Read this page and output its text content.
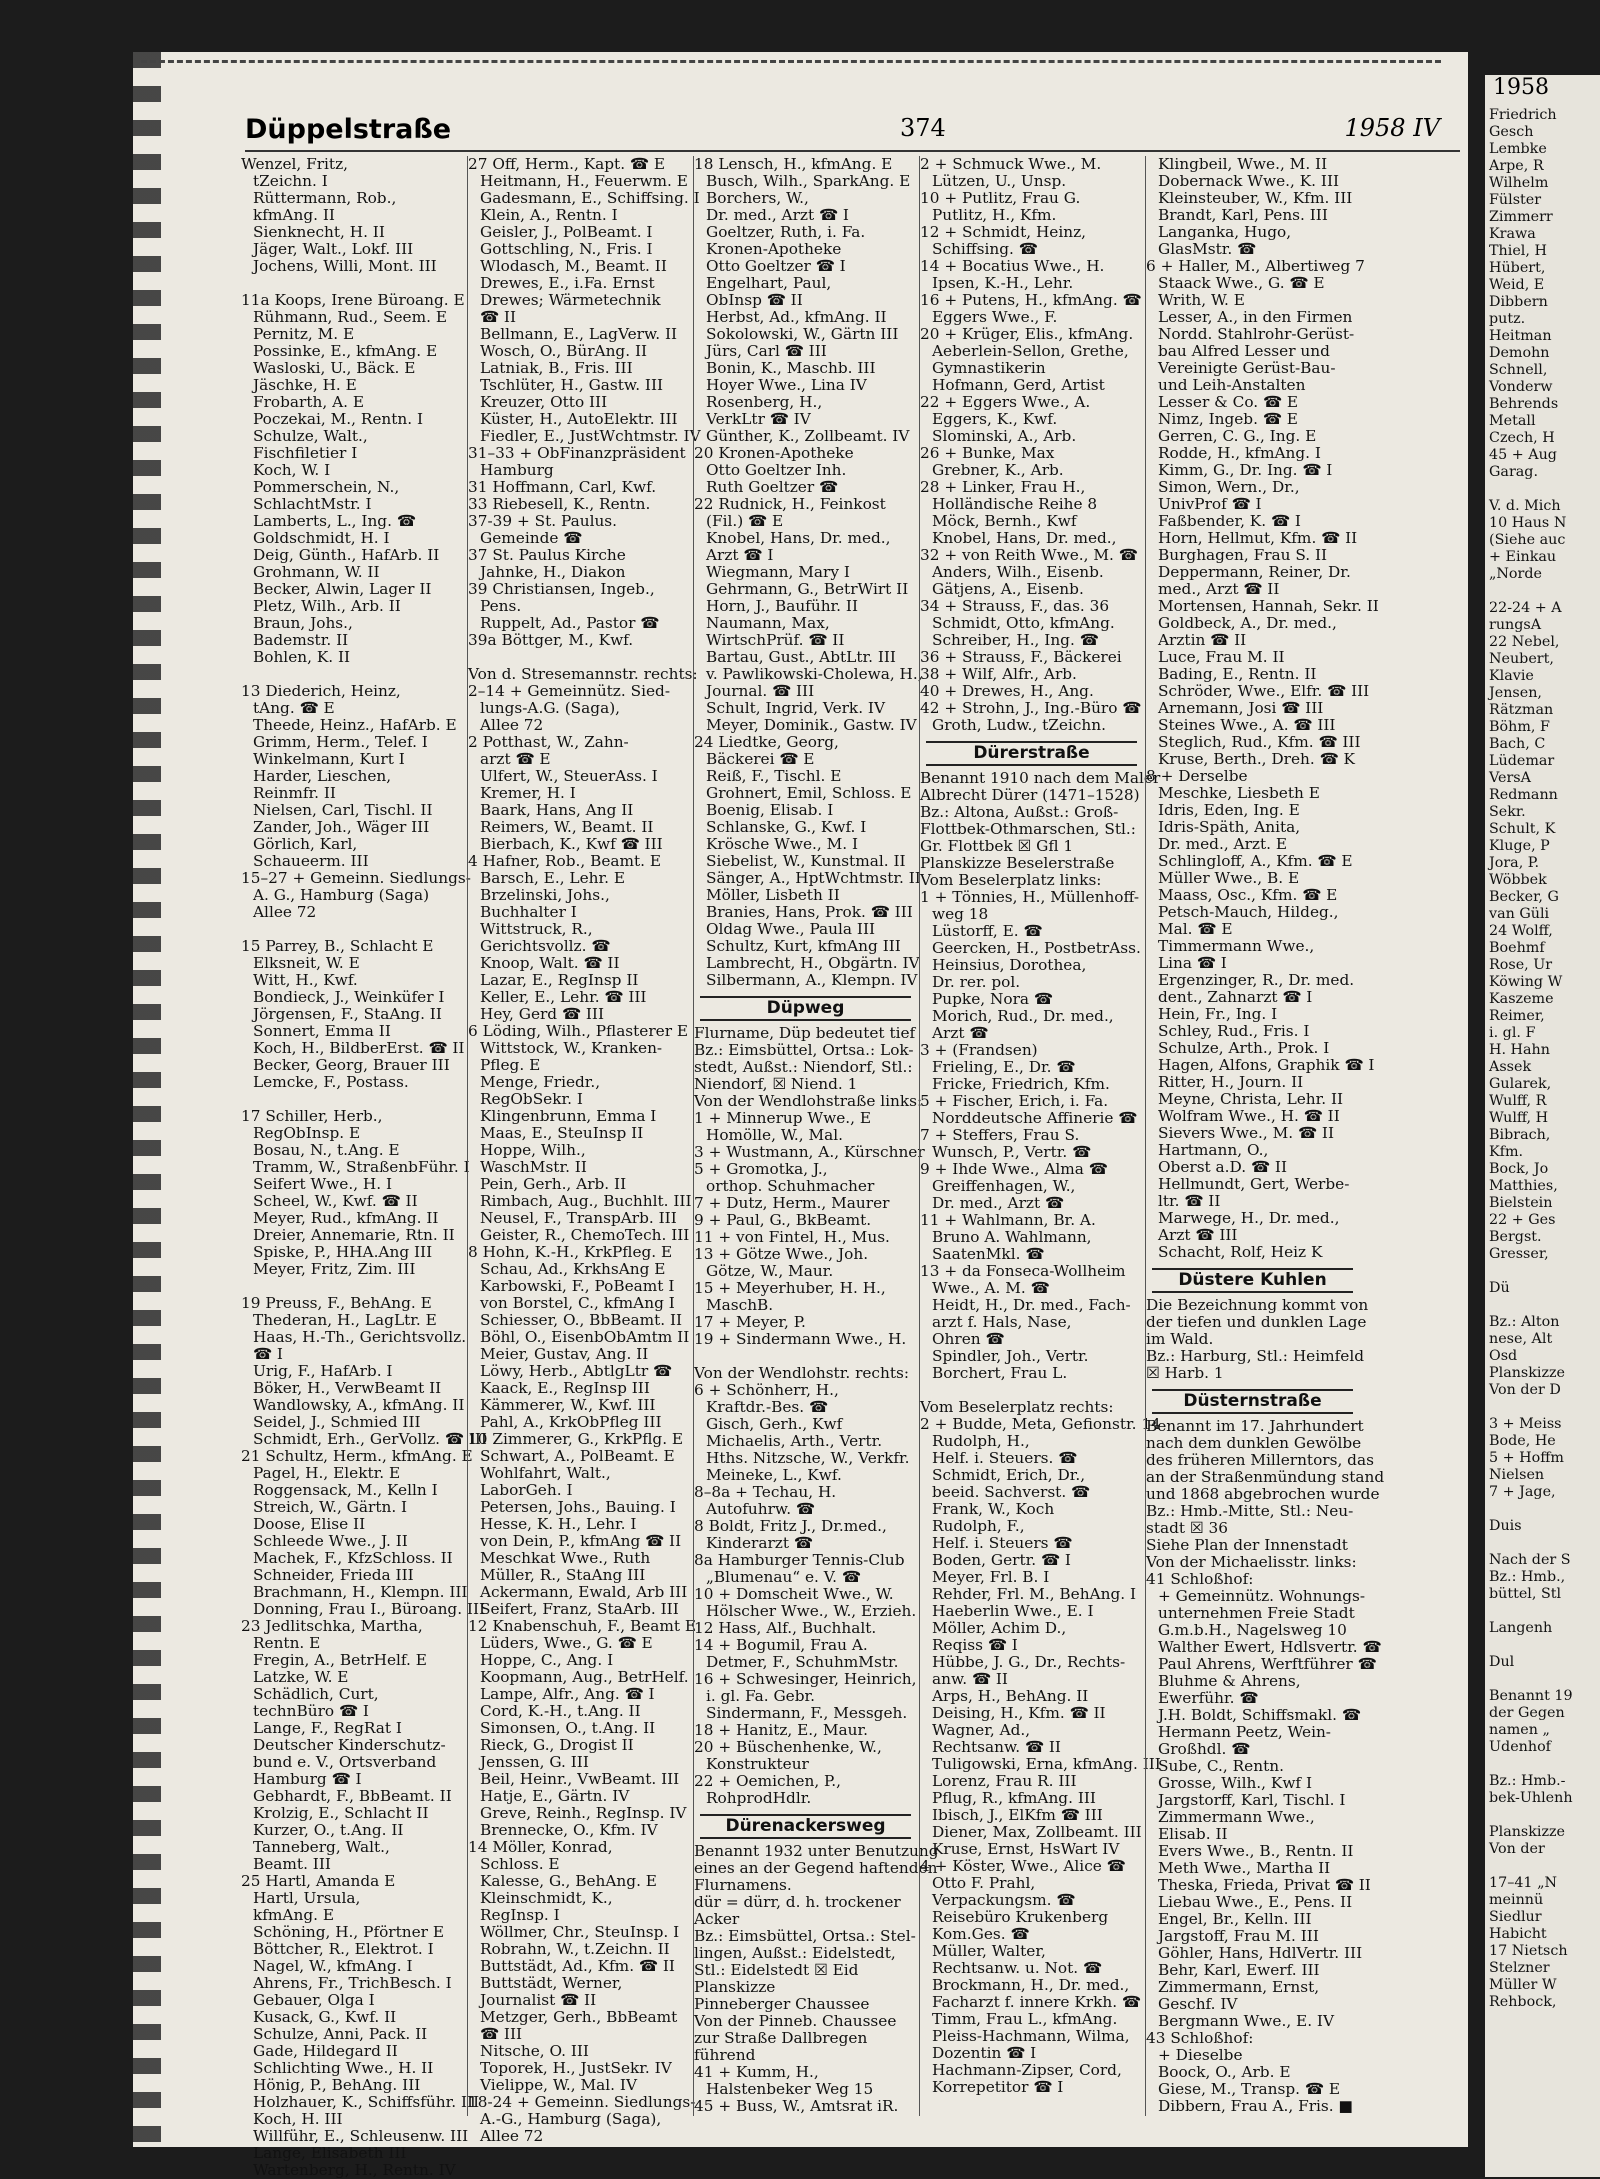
Düppelstraße	374	1958 IV
Wenzel, Fritz,
tZeichn. I
Rüttermann, Rob.,
kfmAng. II
Sienknecht, H. II
Jäger, Walt., Lokf. III
Jochens, Willi, Mont. III

11a Koops, Irene Büroang. E
Rühmann, Rud., Seem. E
Pernitz, M. E
Possinke, E., kfmAng. E
Wasloski, U., Bäck. E
Jäschke, H. E
Frobarth, A. E
Poczekai, M., Rentn. I
Schulze, Walt.,
Fischfiletier I
Koch, W. I
Pommerschein, N.,
SchlachtMstr. I
Lamberts, L., Ing. ☎
Goldschmidt, H. I
Deig, Günth., HafArb. II
Grohmann, W. II
Becker, Alwin, Lager II
Pletz, Wilh., Arb. II
Braun, Johs.,
Bademstr. II
Bohlen, K. II

13 Diederich, Heinz,
tAng. ☎ E
Theede, Heinz., HafArb. E
Grimm, Herm., Telef. I
Winkelmann, Kurt I
Harder, Lieschen,
Reinmfr. II
Nielsen, Carl, Tischl. II
Zander, Joh., Wäger III
Görlich, Karl,
Schaueerm. III
15–27 + Gemeinn. Siedlungs-
A. G., Hamburg (Saga)
Allee 72

15 Parrey, B., Schlacht E
Elksneit, W. E
Witt, H., Kwf.
Bondieck, J., Weinküfer I
Jörgensen, F., StaAng. II
Sonnert, Emma II
Koch, H., BildberErst. ☎ II
Becker, Georg, Brauer III
Lemcke, F., Postass.

17 Schiller, Herb.,
RegObInsp. E
Bosau, N., t.Ang. E
Tramm, W., StraßenbFühr. I
Seifert Wwe., H. I
Scheel, W., Kwf. ☎ II
Meyer, Rud., kfmAng. II
Dreier, Annemarie, Rtn. II
Spiske, P., HHA.Ang III
Meyer, Fritz, Zim. III

19 Preuss, F., BehAng. E
Thederan, H., LagLtr. E
Haas, H.-Th., Gerichtsvollz.
☎ I
Urig, F., HafArb. I
Böker, H., VerwBeamt II
Wandlowsky, A., kfmAng. II
Seidel, J., Schmied III
Schmidt, Erh., GerVollz. ☎ III
21 Schultz, Herm., kfmAng. E
Pagel, H., Elektr. E
Roggensack, M., Kelln I
Streich, W., Gärtn. I
Doose, Elise II
Schleede Wwe., J. II
Machek, F., KfzSchloss. II
Schneider, Frieda III
Brachmann, H., Klempn. III
Donning, Frau I., Büroang. III
23 Jedlitschka, Martha,
Rentn. E
Fregin, A., BetrHelf. E
Latzke, W. E
Schädlich, Curt,
technBüro ☎ I
Lange, F., RegRat I
Deutscher Kinderschutz-
bund e. V., Ortsverband
Hamburg ☎ I
Gebhardt, F., BbBeamt. II
Krolzig, E., Schlacht II
Kurzer, O., t.Ang. II
Tanneberg, Walt.,
Beamt. III
25 Hartl, Amanda E
Hartl, Ursula,
kfmAng. E
Schöning, H., Pförtner E
Böttcher, R., Elektrot. I
Nagel, W., kfmAng. I
Ahrens, Fr., TrichBesch. I
Gebauer, Olga I
Kusack, G., Kwf. II
Schulze, Anni, Pack. II
Gade, Hildegard II
Schlichting Wwe., H. II
Hönig, P., BehAng. III
Holzhauer, K., Schiffsführ. III
Koch, H. III
Willführ, E., Schleusenw. III
Lange, Elisabeth III
Wartenberg, H., Rentn. IV
27 Off, Herm., Kapt. ☎ E
Heitmann, H., Feuerwm. E
Gadesmann, E., Schiffsing. I
Klein, A., Rentn. I
Geisler, J., PolBeamt. I
Gottschling, N., Fris. I
Wlodasch, M., Beamt. II
Drewes, E., i.Fa. Ernst
Drewes; Wärmetechnik
☎ II
Bellmann, E., LagVerw. II
Wosch, O., BürAng. II
Latniak, B., Fris. III
Tschlüter, H., Gastw. III
Kreuzer, Otto III
Küster, H., AutoElektr. III
Fiedler, E., JustWchtmstr. IV
31–33 + ObFinanzpräsident
Hamburg
31 Hoffmann, Carl, Kwf.
33 Riebesell, K., Rentn.
37-39 + St. Paulus.
Gemeinde ☎
37 St. Paulus Kirche
Jahnke, H., Diakon
39 Christiansen, Ingeb.,
Pens.
Ruppelt, Ad., Pastor ☎
39a Böttger, M., Kwf.

Von d. Stresemannstr. rechts:
2–14 + Gemeinnütz. Sied-
lungs-A.G. (Saga),
Allee 72
2 Potthast, W., Zahn-
arzt ☎ E
Ulfert, W., SteuerAss. I
Kremer, H. I
Baark, Hans, Ang II
Reimers, W., Beamt. II
Bierbach, K., Kwf ☎ III
4 Hafner, Rob., Beamt. E
Barsch, E., Lehr. E
Brzelinski, Johs.,
Buchhalter I
Wittstruck, R.,
Gerichtsvollz. ☎
Knoop, Walt. ☎ II
Lazar, E., RegInsp II
Keller, E., Lehr. ☎ III
Hey, Gerd ☎ III
6 Löding, Wilh., Pflasterer E
Wittstock, W., Kranken-
Pfleg. E
Menge, Friedr.,
RegObSekr. I
Klingenbrunn, Emma I
Maas, E., SteuInsp II
Hoppe, Wilh.,
WaschMstr. II
Pein, Gerh., Arb. II
Rimbach, Aug., Buchhlt. III
Neusel, F., TranspArb. III
Geister, R., ChemoTech. III
8 Hohn, K.-H., KrkPfleg. E
Schau, Ad., KrkhsAng E
Karbowski, F., PoBeamt I
von Borstel, C., kfmAng I
Schiesser, O., BbBeamt. II
Böhl, O., EisenbObAmtm II
Meier, Gustav, Ang. II
Löwy, Herb., AbtlgLtr ☎
Kaack, E., RegInsp III
Kämmerer, W., Kwf. III
Pahl, A., KrkObPfleg III
10 Zimmerer, G., KrkPflg. E
Schwart, A., PolBeamt. E
Wohlfahrt, Walt.,
LaborGeh. I
Petersen, Johs., Bauing. I
Hesse, K. H., Lehr. I
von Dein, P., kfmAng ☎ II
Meschkat Wwe., Ruth
Müller, R., StaAng III
Ackermann, Ewald, Arb III
Seifert, Franz, StaArb. III
12 Knabenschuh, F., Beamt E
Lüders, Wwe., G. ☎ E
Hoppe, C., Ang. I
Koopmann, Aug., BetrHelf.
Lampe, Alfr., Ang. ☎ I
Cord, K.-H., t.Ang. II
Simonsen, O., t.Ang. II
Rieck, G., Drogist II
Jenssen, G. III
Beil, Heinr., VwBeamt. III
Hatje, E., Gärtn. IV
Greve, Reinh., RegInsp. IV
Brennecke, O., Kfm. IV
14 Möller, Konrad,
Schloss. E
Kalesse, G., BehAng. E
Kleinschmidt, K.,
RegInsp. I
Wöllmer, Chr., SteuInsp. I
Robrahn, W., t.Zeichn. II
Buttstädt, Ad., Kfm. ☎ II
Buttstädt, Werner,
Journalist ☎ II
Metzger, Gerh., BbBeamt
☎ III
Nitsche, O. III
Toporek, H., JustSekr. IV
Vielippe, W., Mal. IV
18-24 + Gemeinn. Siedlungs-
A.-G., Hamburg (Saga),
Allee 72
18 Lensch, H., kfmAng. E
Busch, Wilh., SparkAng. E
Borchers, W.,
Dr. med., Arzt ☎ I
Goeltzer, Ruth, i. Fa.
Kronen-Apotheke
Otto Goeltzer ☎ I
Engelhart, Paul,
ObInsp ☎ II
Herbst, Ad., kfmAng. II
Sokolowski, W., Gärtn III
Jürs, Carl ☎ III
Bonin, K., Maschb. III
Hoyer Wwe., Lina IV
Rosenberg, H.,
VerkLtr ☎ IV
Günther, K., Zollbeamt. IV
20 Kronen-Apotheke
Otto Goeltzer Inh.
Ruth Goeltzer ☎
22 Rudnick, H., Feinkost
(Fil.) ☎ E
Knobel, Hans, Dr. med.,
Arzt ☎ I
Wiegmann, Mary I
Gehrmann, G., BetrWirt II
Horn, J., Bauführ. II
Naumann, Max,
WirtschPrüf. ☎ II
Bartau, Gust., AbtLtr. III
v. Pawlikowski-Cholewa, H.,
Journal. ☎ III
Schult, Ingrid, Verk. IV
Meyer, Dominik., Gastw. IV
24 Liedtke, Georg,
Bäckerei ☎ E
Reiß, F., Tischl. E
Grohnert, Emil, Schloss. E
Boenig, Elisab. I
Schlanske, G., Kwf. I
Krösche Wwe., M. I
Siebelist, W., Kunstmal. II
Sänger, A., HptWchtmstr. II
Möller, Lisbeth II
Branies, Hans, Prok. ☎ III
Oldag Wwe., Paula III
Schultz, Kurt, kfmAng III
Lambrecht, H., Obgärtn. IV
Silbermann, A., Klempn. IV
Düpweg
Flurname, Düp bedeutet tief
Bz.: Eimsbüttel, Ortsa.: Lok-
stedt, Außst.: Niendorf, Stl.:
Niendorf, ☒ Niend. 1
Von der Wendlohstraße links:
1 + Minnerup Wwe., E
Homölle, W., Mal.
3 + Wustmann, A., Kürschner
5 + Gromotka, J.,
orthop. Schuhmacher
7 + Dutz, Herm., Maurer
9 + Paul, G., BkBeamt.
11 + von Fintel, H., Mus.
13 + Götze Wwe., Joh.
Götze, W., Maur.
15 + Meyerhuber, H. H.,
MaschB.
17 + Meyer, P.
19 + Sindermann Wwe., H.

Von der Wendlohstr. rechts:
6 + Schönherr, H.,
Kraftdr.-Bes. ☎
Gisch, Gerh., Kwf
Michaelis, Arth., Vertr.
Hths. Nitzsche, W., Verkfr.
Meineke, L., Kwf.
8–8a + Techau, H.
Autofuhrw. ☎
8 Boldt, Fritz J., Dr.med.,
Kinderarzt ☎
8a Hamburger Tennis-Club
„Blumenau“ e. V. ☎
10 + Domscheit Wwe., W.
Hölscher Wwe., W., Erzieh.
12 Hass, Alf., Buchhalt.
14 + Bogumil, Frau A.
Detmer, F., SchuhmMstr.
16 + Schwesinger, Heinrich,
i. gl. Fa. Gebr.
Sindermann, F., Messgeh.
18 + Hanitz, E., Maur.
20 + Büschenhenke, W.,
Konstrukteur
22 + Oemichen, P.,
RohprodHdlr.
Dürenackersweg
Benannt 1932 unter Benutzung
eines an der Gegend haftenden
Flurnamens.
dür = dürr, d. h. trockener
Acker
Bz.: Eimsbüttel, Ortsa.: Stel-
lingen, Außst.: Eidelstedt,
Stl.: Eidelstedt ☒ Eid
Planskizze
Pinneberger Chaussee
Von der Pinneb. Chaussee
zur Straße Dallbregen
führend
41 + Kumm, H.,
Halstenbeker Weg 15
45 + Buss, W., Amtsrat iR.
2 + Schmuck Wwe., M.
Lützen, U., Unsp.
10 + Putlitz, Frau G.
Putlitz, H., Kfm.
12 + Schmidt, Heinz,
Schiffsing. ☎
14 + Bocatius Wwe., H.
Ipsen, K.-H., Lehr.
16 + Putens, H., kfmAng. ☎
Eggers Wwe., F.
20 + Krüger, Elis., kfmAng.
Aeberlein-Sellon, Grethe,
Gymnastikerin
Hofmann, Gerd, Artist
22 + Eggers Wwe., A.
Eggers, K., Kwf.
Slominski, A., Arb.
26 + Bunke, Max
Grebner, K., Arb.
28 + Linker, Frau H.,
Holländische Reihe 8
Möck, Bernh., Kwf
Knobel, Hans, Dr. med.,
32 + von Reith Wwe., M. ☎
Anders, Wilh., Eisenb.
Gätjens, A., Eisenb.
34 + Strauss, F., das. 36
Schmidt, Otto, kfmAng.
Schreiber, H., Ing. ☎
36 + Strauss, F., Bäckerei
38 + Wilf, Alfr., Arb.
40 + Drewes, H., Ang.
42 + Strohn, J., Ing.-Büro ☎
Groth, Ludw., tZeichn.
Dürerstraße
Benannt 1910 nach dem Maler
Albrecht Dürer (1471–1528)
Bz.: Altona, Außst.: Groß-
Flottbek-Othmarschen, Stl.:
Gr. Flottbek ☒ Gfl 1
Planskizze Beselerstraße
Vom Beselerplatz links:
1 + Tönnies, H., Müllenhoff-
weg 18
Lüstorff, E. ☎
Geercken, H., PostbetrAss.
Heinsius, Dorothea,
Dr. rer. pol.
Pupke, Nora ☎
Morich, Rud., Dr. med.,
Arzt ☎
3 + (Frandsen)
Frieling, E., Dr. ☎
Fricke, Friedrich, Kfm.
5 + Fischer, Erich, i. Fa.
Norddeutsche Affinerie ☎
7 + Steffers, Frau S.
Wunsch, P., Vertr. ☎
9 + Ihde Wwe., Alma ☎
Greiffenhagen, W.,
Dr. med., Arzt ☎
11 + Wahlmann, Br. A.
Bruno A. Wahlmann,
SaatenMkl. ☎
13 + da Fonseca-Wollheim
Wwe., A. M. ☎
Heidt, H., Dr. med., Fach-
arzt f. Hals, Nase,
Ohren ☎
Spindler, Joh., Vertr.
Borchert, Frau L.

Vom Beselerplatz rechts:
2 + Budde, Meta, Gefionstr. 14
Rudolph, H.,
Helf. i. Steuers. ☎
Schmidt, Erich, Dr.,
beeid. Sachverst. ☎
Frank, W., Koch
Rudolph, F.,
Helf. i. Steuers ☎
Boden, Gertr. ☎ I
Meyer, Frl. B. I
Rehder, Frl. M., BehAng. I
Haeberlin Wwe., E. I
Möller, Achim D.,
Reqiss ☎ I
Hübbe, J. G., Dr., Rechts-
anw. ☎ II
Arps, H., BehAng. II
Deising, H., Kfm. ☎ II
Wagner, Ad.,
Rechtsanw. ☎ II
Tuligowski, Erna, kfmAng. III
Lorenz, Frau R. III
Pflug, R., kfmAng. III
Ibisch, J., ElKfm ☎ III
Diener, Max, Zollbeamt. III
Kruse, Ernst, HsWart IV
4 + Köster, Wwe., Alice ☎
Otto F. Prahl,
Verpackungsm. ☎
Reisebüro Krukenberg
Kom.Ges. ☎
Müller, Walter,
Rechtsanw. u. Not. ☎
Brockmann, H., Dr. med.,
Facharzt f. innere Krkh. ☎
Timm, Frau L., kfmAng.
Pleiss-Hachmann, Wilma,
Dozentin ☎ I
Hachmann-Zipser, Cord,
Korrepetitor ☎ I
Klingbeil, Wwe., M. II
Dobernack Wwe., K. III
Kleinsteuber, W., Kfm. III
Brandt, Karl, Pens. III
Langanka, Hugo,
GlasMstr. ☎
6 + Haller, M., Albertiweg 7
Staack Wwe., G. ☎ E
Writh, W. E
Lesser, A., in den Firmen
Nordd. Stahlrohr-Gerüst-
bau Alfred Lesser und
Vereinigte Gerüst-Bau-
und Leih-Anstalten
Lesser & Co. ☎ E
Nimz, Ingeb. ☎ E
Gerren, C. G., Ing. E
Rodde, H., kfmAng. I
Kimm, G., Dr. Ing. ☎ I
Simon, Wern., Dr.,
UnivProf ☎ I
Faßbender, K. ☎ I
Horn, Hellmut, Kfm. ☎ II
Burghagen, Frau S. II
Deppermann, Reiner, Dr.
med., Arzt ☎ II
Mortensen, Hannah, Sekr. II
Goldbeck, A., Dr. med.,
Arztin ☎ II
Luce, Frau M. II
Bading, E., Rentn. II
Schröder, Wwe., Elfr. ☎ III
Arnemann, Josi ☎ III
Steines Wwe., A. ☎ III
Steglich, Rud., Kfm. ☎ III
Kruse, Berth., Dreh. ☎ K
8 + Derselbe
Meschke, Liesbeth E
Idris, Eden, Ing. E
Idris-Späth, Anita,
Dr. med., Arzt. E
Schlingloff, A., Kfm. ☎ E
Müller Wwe., B. E
Maass, Osc., Kfm. ☎ E
Petsch-Mauch, Hildeg.,
Mal. ☎ E
Timmermann Wwe.,
Lina ☎ I
Ergenzinger, R., Dr. med.
dent., Zahnarzt ☎ I
Hein, Fr., Ing. I
Schley, Rud., Fris. I
Schulze, Arth., Prok. I
Hagen, Alfons, Graphik ☎ I
Ritter, H., Journ. II
Meyne, Christa, Lehr. II
Wolfram Wwe., H. ☎ II
Sievers Wwe., M. ☎ II
Hartmann, O.,
Oberst a.D. ☎ II
Hellmundt, Gert, Werbe-
ltr. ☎ II
Marwege, H., Dr. med.,
Arzt ☎ III
Schacht, Rolf, Heiz K
Düstere Kuhlen
Die Bezeichnung kommt von
der tiefen und dunklen Lage
im Wald.
Bz.: Harburg, Stl.: Heimfeld
☒ Harb. 1
Düsternstraße
Benannt im 17. Jahrhundert
nach dem dunklen Gewölbe
des früheren Millerntors, das
an der Straßenmündung stand
und 1868 abgebrochen wurde
Bz.: Hmb.-Mitte, Stl.: Neu-
stadt ☒ 36
Siehe Plan der Innenstadt
Von der Michaelisstr. links:
41 Schloßhof:
+ Gemeinnütz. Wohnungs-
unternehmen Freie Stadt
G.m.b.H., Nagelsweg 10
Walther Ewert, Hdlsvertr. ☎
Paul Ahrens, Werftführer ☎
Bluhme & Ahrens,
Ewerführ. ☎
J.H. Boldt, Schiffsmakl. ☎
Hermann Peetz, Wein-
Großhdl. ☎
Sube, C., Rentn.
Grosse, Wilh., Kwf I
Jargstorff, Karl, Tischl. I
Zimmermann Wwe.,
Elisab. II
Evers Wwe., B., Rentn. II
Meth Wwe., Martha II
Theska, Frieda, Privat ☎ II
Liebau Wwe., E., Pens. II
Engel, Br., Kelln. III
Jargstoff, Frau M. III
Göhler, Hans, HdlVertr. III
Behr, Karl, Ewerf. III
Zimmermann, Ernst,
Geschf. IV
Bergmann Wwe., E. IV
43 Schloßhof:
+ Dieselbe
Boock, O., Arb. E
Giese, M., Transp. ☎ E
Dibbern, Frau A., Fris. ■
1958
Friedrich
Gesch
Lembke
Arpe, R
Wilhelm
Fülster
Zimmerr
Krawa
Thiel, H
Hübert,
Weid, E
Dibbern
putz.
Heitman
Demohn
Schnell,
Vonderw
Behrends
Metall
Czech, H
45 + Aug
Garag.

V. d. Mich
10 Haus N
(Siehe auc
+ Einkau
„Norde

22-24 + A
rungsA
22 Nebel,
Neubert,
Klavie
Jensen,
Rätzman
Böhm, F
Bach, C
Lüdemar
VersA
Redmann
Sekr.
Schult, K
Kluge, P
Jora, P.
Wöbbek
Becker, G
van Güli
24 Wolff,
Boehmf
Rose, Ur
Köwing W
Kaszeme
Reimer,
i. gl. F
H. Hahn
Assek
Gularek,
Wulff, R
Wulff, H
Bibrach,
Kfm.
Bock, Jo
Matthies,
Bielstein
22 + Ges
Bergst.
Gresser,

Dü

Bz.: Alton
nese, Alt
Osd
Planskizze
Von der D

3 + Meiss
Bode, He
5 + Hoffm
Nielsen
7 + Jage,

Duis

Nach der S
Bz.: Hmb.,
büttel, Stl

Langenh

Dul

Benannt 19
der Gegen
namen „
Udenhof

Bz.: Hmb.-
bek-Uhlenh

Planskizze
Von der

17–41 „N
meinnü
Siedlur
Habicht
17 Nietsch
Stelzner
Müller W
Rehbock,
